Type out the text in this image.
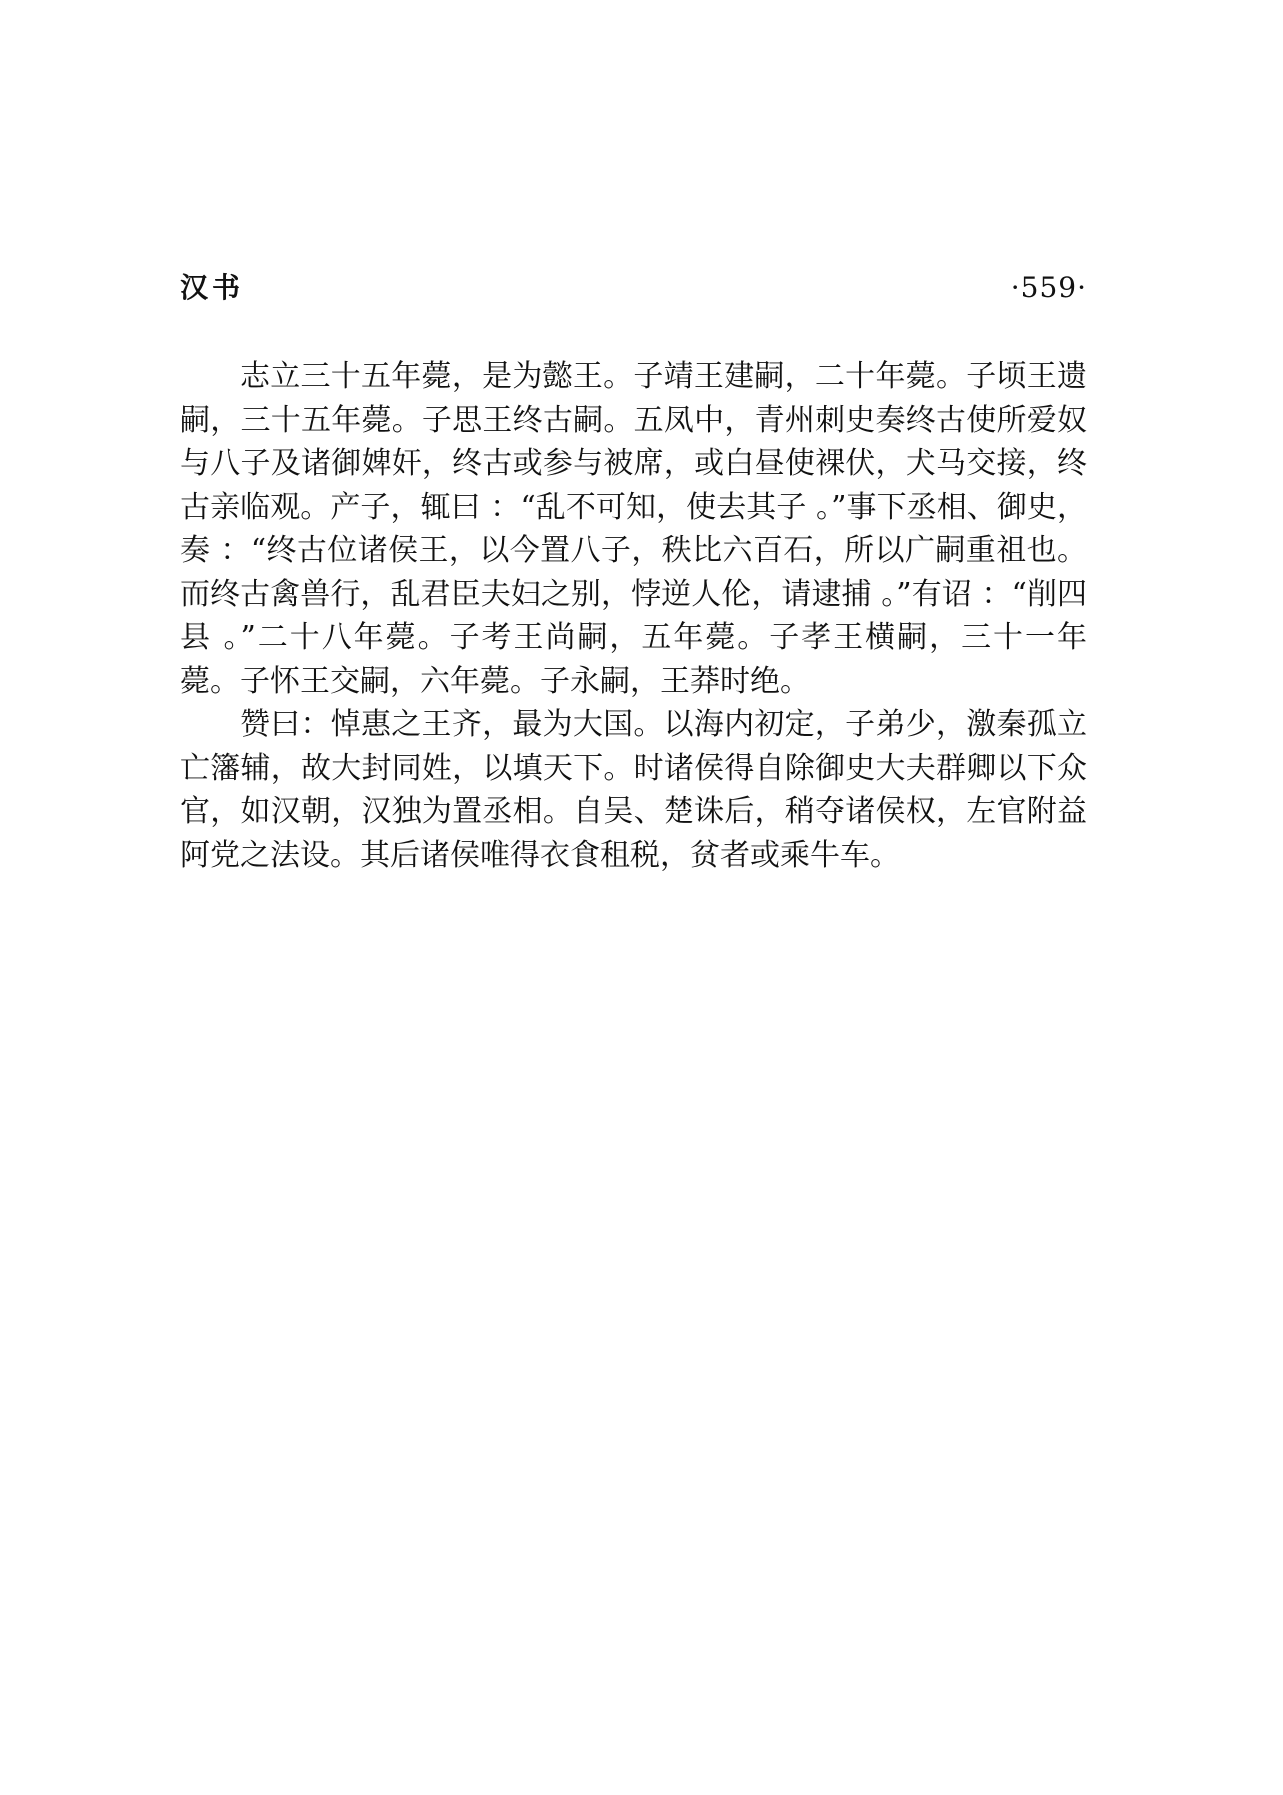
汉书	·559·

志立三十五年薨，是为懿王。子靖王建嗣，二十年薨。子顷王遗嗣，三十五年薨。子思王终古嗣。五凤中，青州刺史奏终古使所爱奴与八子及诸御婢奸，终古或参与被席，或白昼使裸伏，犬马交接，终古亲临观。产子，辄曰 ：“乱不可知，使去其子 。”事下丞相、御史，奏 ：“终古位诸侯王，以今置八子，秩比六百石，所以广嗣重祖也。而终古禽兽行，乱君臣夫妇之别，悖逆人伦，请逮捕 。”有诏 ：“削四县 。”二十八年薨。子考王尚嗣，五年薨。子孝王横嗣，三十一年薨。子怀王交嗣，六年薨。子永嗣，王莽时绝。

赞曰：悼惠之王齐，最为大国。以海内初定，子弟少，激秦孤立亡籓辅，故大封同姓，以填天下。时诸侯得自除御史大夫群卿以下众官，如汉朝，汉独为置丞相。自吴、楚诛后，稍夺诸侯权，左官附益阿党之法设。其后诸侯唯得衣食租税，贫者或乘牛车。
